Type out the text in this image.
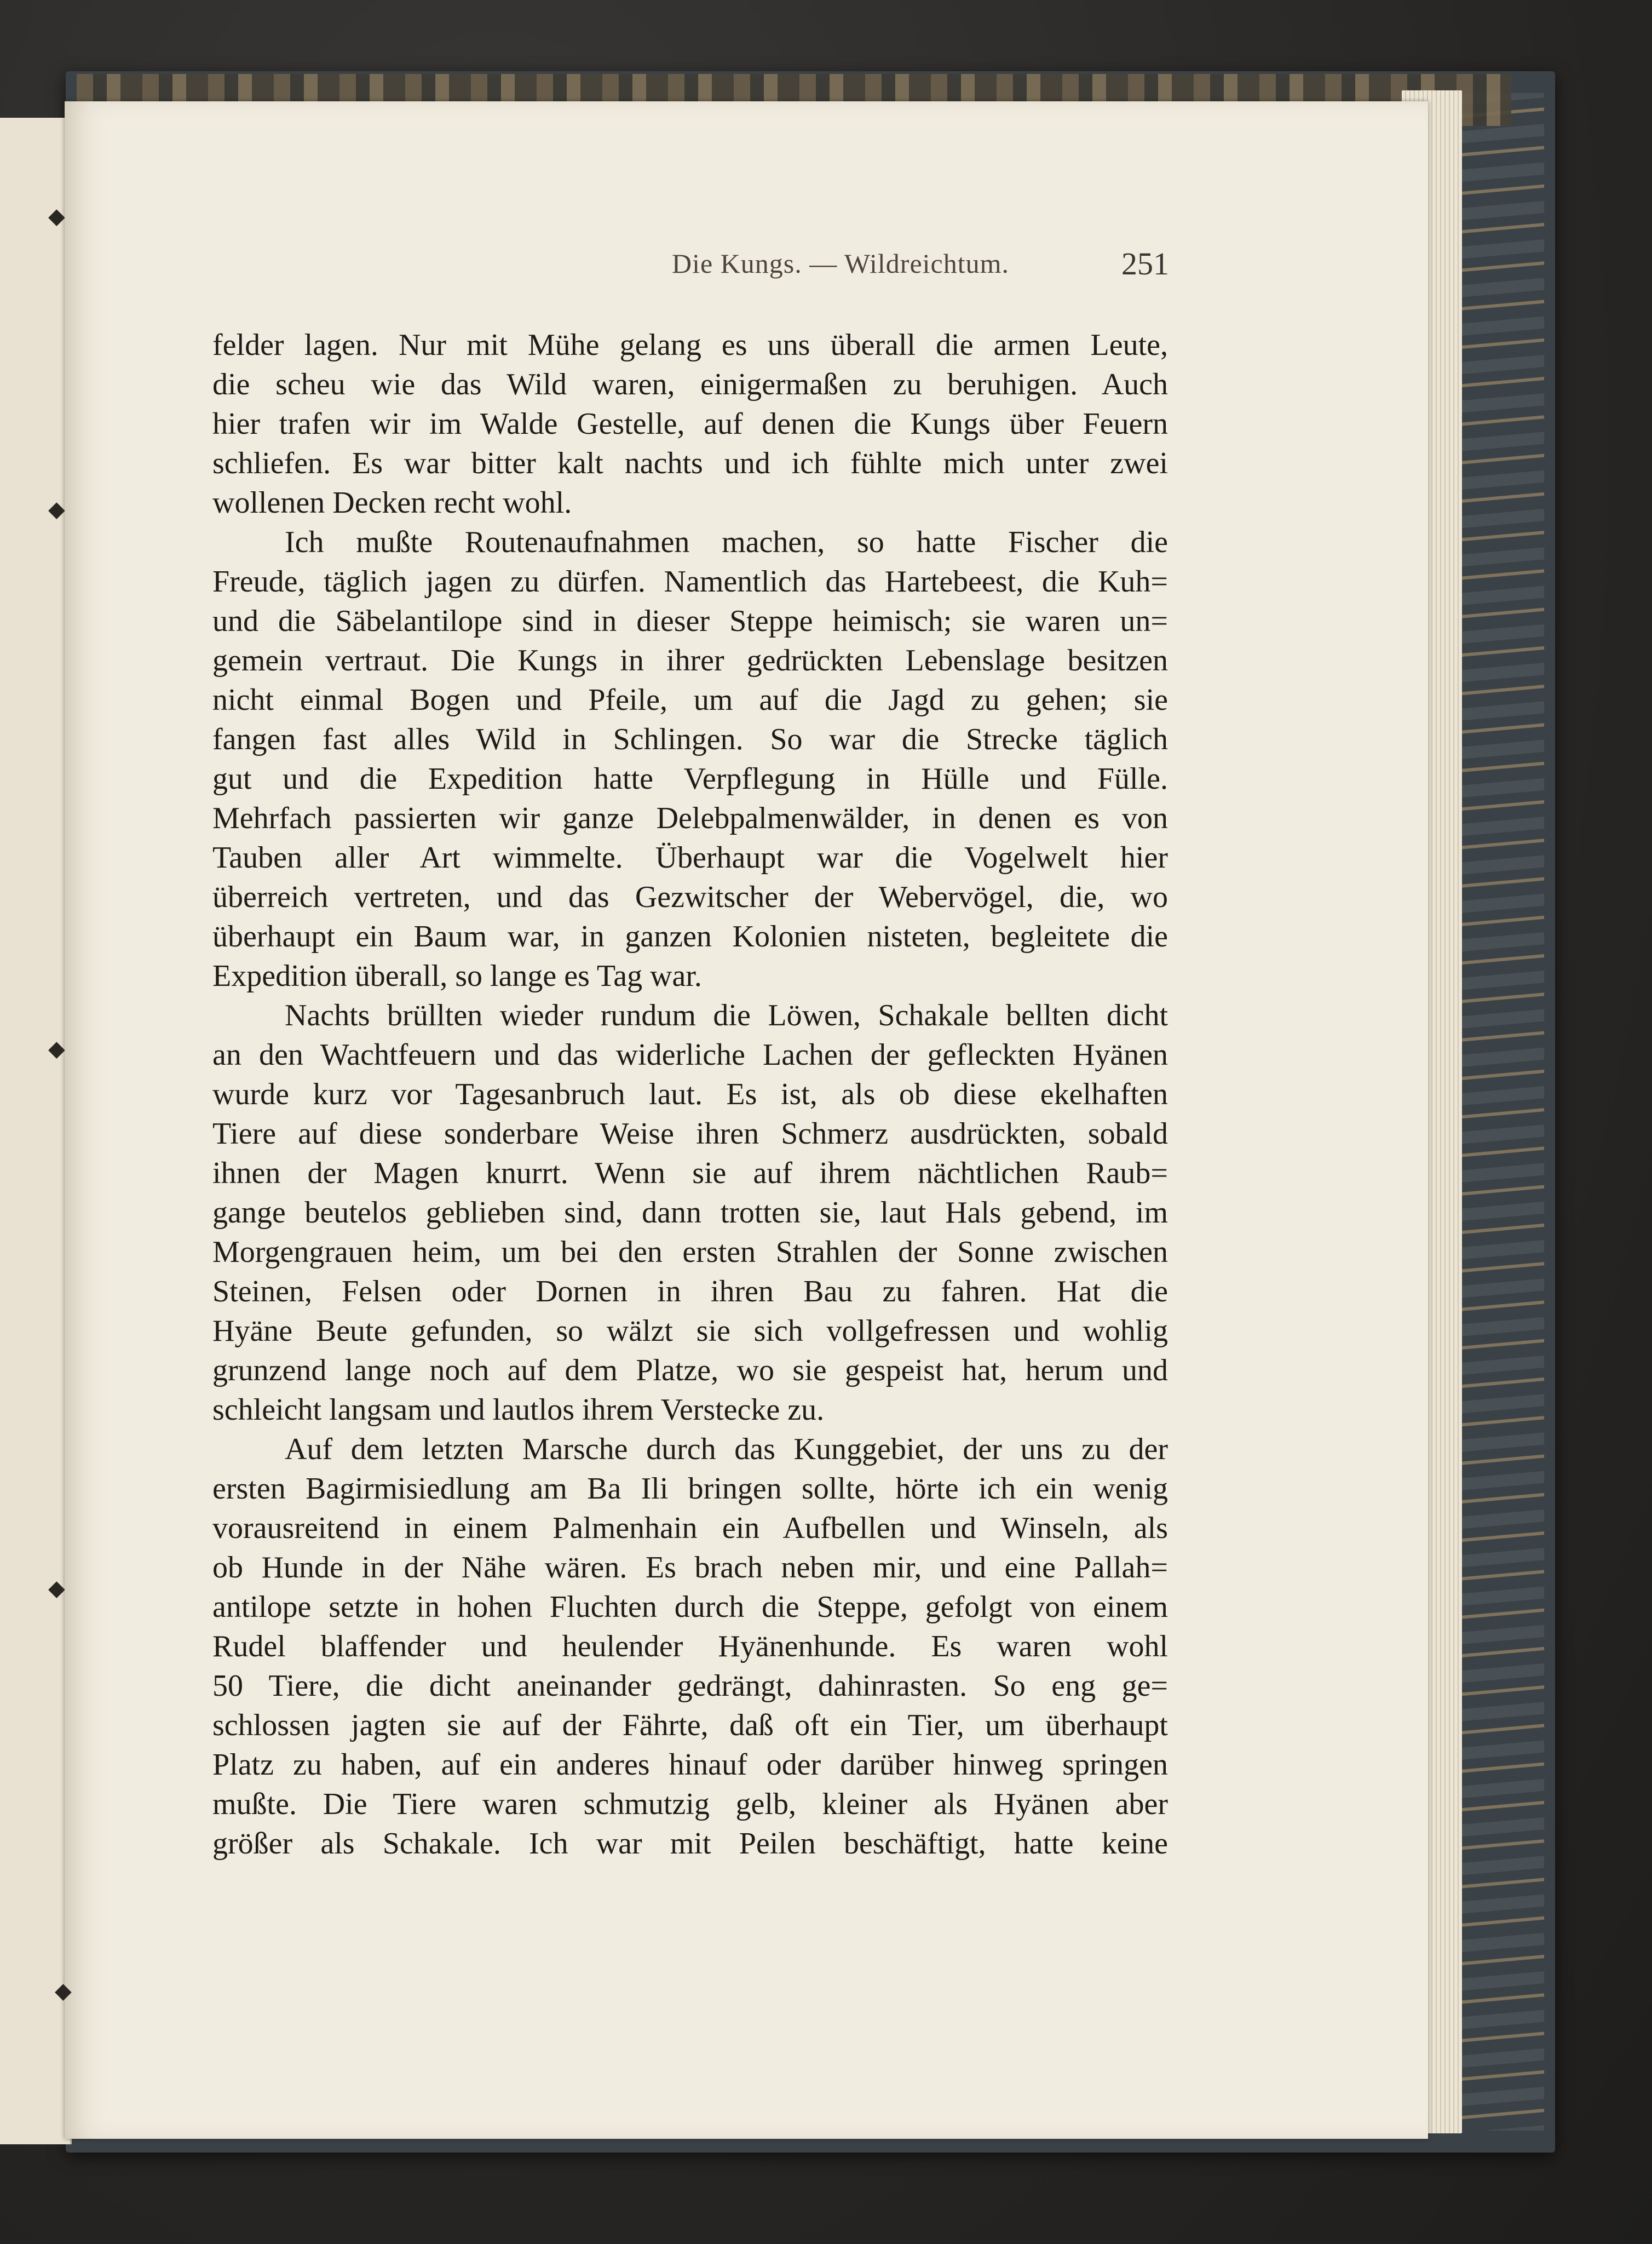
◆
◆
◆
◆
◆
Die Kungs. — Wildreichtum.	251
felder lagen. Nur mit Mühe gelang es uns überall die armen Leute,
die scheu wie das Wild waren, einigermaßen zu beruhigen. Auch
hier trafen wir im Walde Gestelle, auf denen die Kungs über Feuern
schliefen. Es war bitter kalt nachts und ich fühlte mich unter zwei
wollenen Decken recht wohl.
Ich mußte Routenaufnahmen machen, so hatte Fischer die
Freude, täglich jagen zu dürfen. Namentlich das Hartebeest, die Kuh=
und die Säbelantilope sind in dieser Steppe heimisch; sie waren un=
gemein vertraut. Die Kungs in ihrer gedrückten Lebenslage besitzen
nicht einmal Bogen und Pfeile, um auf die Jagd zu gehen; sie
fangen fast alles Wild in Schlingen. So war die Strecke täglich
gut und die Expedition hatte Verpflegung in Hülle und Fülle.
Mehrfach passierten wir ganze Delebpalmenwälder, in denen es von
Tauben aller Art wimmelte. Überhaupt war die Vogelwelt hier
überreich vertreten, und das Gezwitscher der Webervögel, die, wo
überhaupt ein Baum war, in ganzen Kolonien nisteten, begleitete die
Expedition überall, so lange es Tag war.
Nachts brüllten wieder rundum die Löwen, Schakale bellten dicht
an den Wachtfeuern und das widerliche Lachen der gefleckten Hyänen
wurde kurz vor Tagesanbruch laut. Es ist, als ob diese ekelhaften
Tiere auf diese sonderbare Weise ihren Schmerz ausdrückten, sobald
ihnen der Magen knurrt. Wenn sie auf ihrem nächtlichen Raub=
gange beutelos geblieben sind, dann trotten sie, laut Hals gebend, im
Morgengrauen heim, um bei den ersten Strahlen der Sonne zwischen
Steinen, Felsen oder Dornen in ihren Bau zu fahren. Hat die
Hyäne Beute gefunden, so wälzt sie sich vollgefressen und wohlig
grunzend lange noch auf dem Platze, wo sie gespeist hat, herum und
schleicht langsam und lautlos ihrem Verstecke zu.
Auf dem letzten Marsche durch das Kunggebiet, der uns zu der
ersten Bagirmisiedlung am Ba Ili bringen sollte, hörte ich ein wenig
vorausreitend in einem Palmenhain ein Aufbellen und Winseln, als
ob Hunde in der Nähe wären. Es brach neben mir, und eine Pallah=
antilope setzte in hohen Fluchten durch die Steppe, gefolgt von einem
Rudel blaffender und heulender Hyänenhunde. Es waren wohl
50 Tiere, die dicht aneinander gedrängt, dahinrasten. So eng ge=
schlossen jagten sie auf der Fährte, daß oft ein Tier, um überhaupt
Platz zu haben, auf ein anderes hinauf oder darüber hinweg springen
mußte. Die Tiere waren schmutzig gelb, kleiner als Hyänen aber
größer als Schakale. Ich war mit Peilen beschäftigt, hatte keine
